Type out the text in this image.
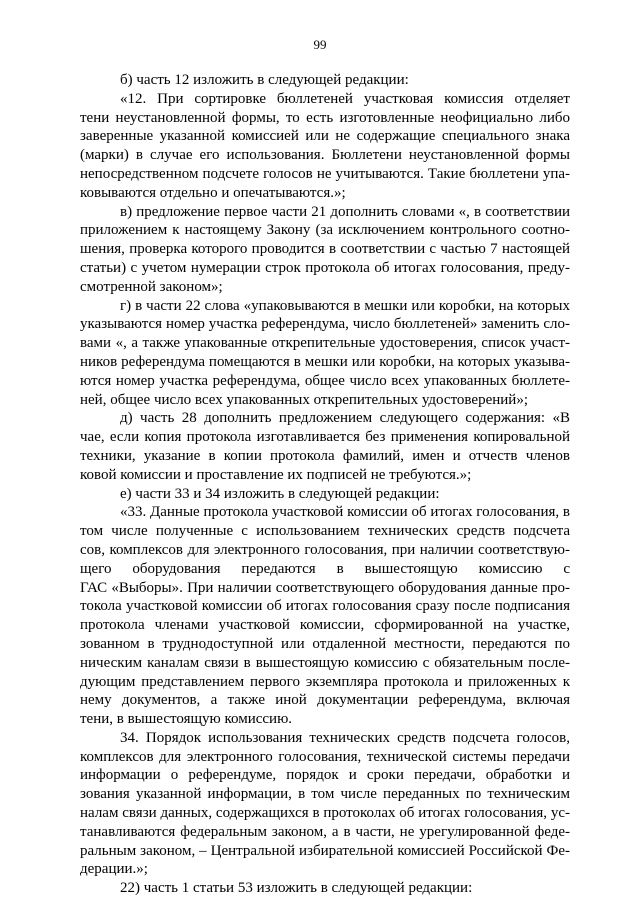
99
б) часть 12 изложить в следующей редакции:
«12. При сортировке бюллетеней участковая комиссия отделяет
тени неустановленной формы, то есть изготовленные неофициально либо
заверенные указанной комиссией или не содержащие специального знака
(марки) в случае его использования. Бюллетени неустановленной формы
непосредственном подсчете голосов не учитываются. Такие бюллетени упа-
ковываются отдельно и опечатываются.»;
в) предложение первое части 21 дополнить словами «, в соответствии
приложением к настоящему Закону (за исключением контрольного соотно-
шения, проверка которого проводится в соответствии с частью 7 настоящей
статьи) с учетом нумерации строк протокола об итогах голосования, преду-
смотренной законом»;
г) в части 22 слова «упаковываются в мешки или коробки, на которых
указываются номер участка референдума, число бюллетеней» заменить сло-
вами «, а также упакованные открепительные удостоверения, список участ-
ников референдума помещаются в мешки или коробки, на которых указыва-
ются номер участка референдума, общее число всех упакованных бюллете-
ней, общее число всех упакованных открепительных удостоверений»;
д) часть 28 дополнить предложением следующего содержания: «В
чае, если копия протокола изготавливается без применения копировальной
техники, указание в копии протокола фамилий, имен и отчеств членов
ковой комиссии и проставление их подписей не требуются.»;
е) части 33 и 34 изложить в следующей редакции:
«33. Данные протокола участковой комиссии об итогах голосования, в
том числе полученные с использованием технических средств подсчета
сов, комплексов для электронного голосования, при наличии соответствую-
щего оборудования передаются в вышестоящую комиссию с
ГАС «Выборы». При наличии соответствующего оборудования данные про-
токола участковой комиссии об итогах голосования сразу после подписания
протокола членами участковой комиссии, сформированной на участке,
зованном в труднодоступной или отдаленной местности, передаются по
ническим каналам связи в вышестоящую комиссию с обязательным после-
дующим представлением первого экземпляра протокола и приложенных к
нему документов, а также иной документации референдума, включая
тени, в вышестоящую комиссию.
34. Порядок использования технических средств подсчета голосов,
комплексов для электронного голосования, технической системы передачи
информации о референдуме, порядок и сроки передачи, обработки и
зования указанной информации, в том числе переданных по техническим
налам связи данных, содержащихся в протоколах об итогах голосования, ус-
танавливаются федеральным законом, а в части, не урегулированной феде-
ральным законом, – Центральной избирательной комиссией Российской Фе-
дерации.»;
22) часть 1 статьи 53 изложить в следующей редакции:
